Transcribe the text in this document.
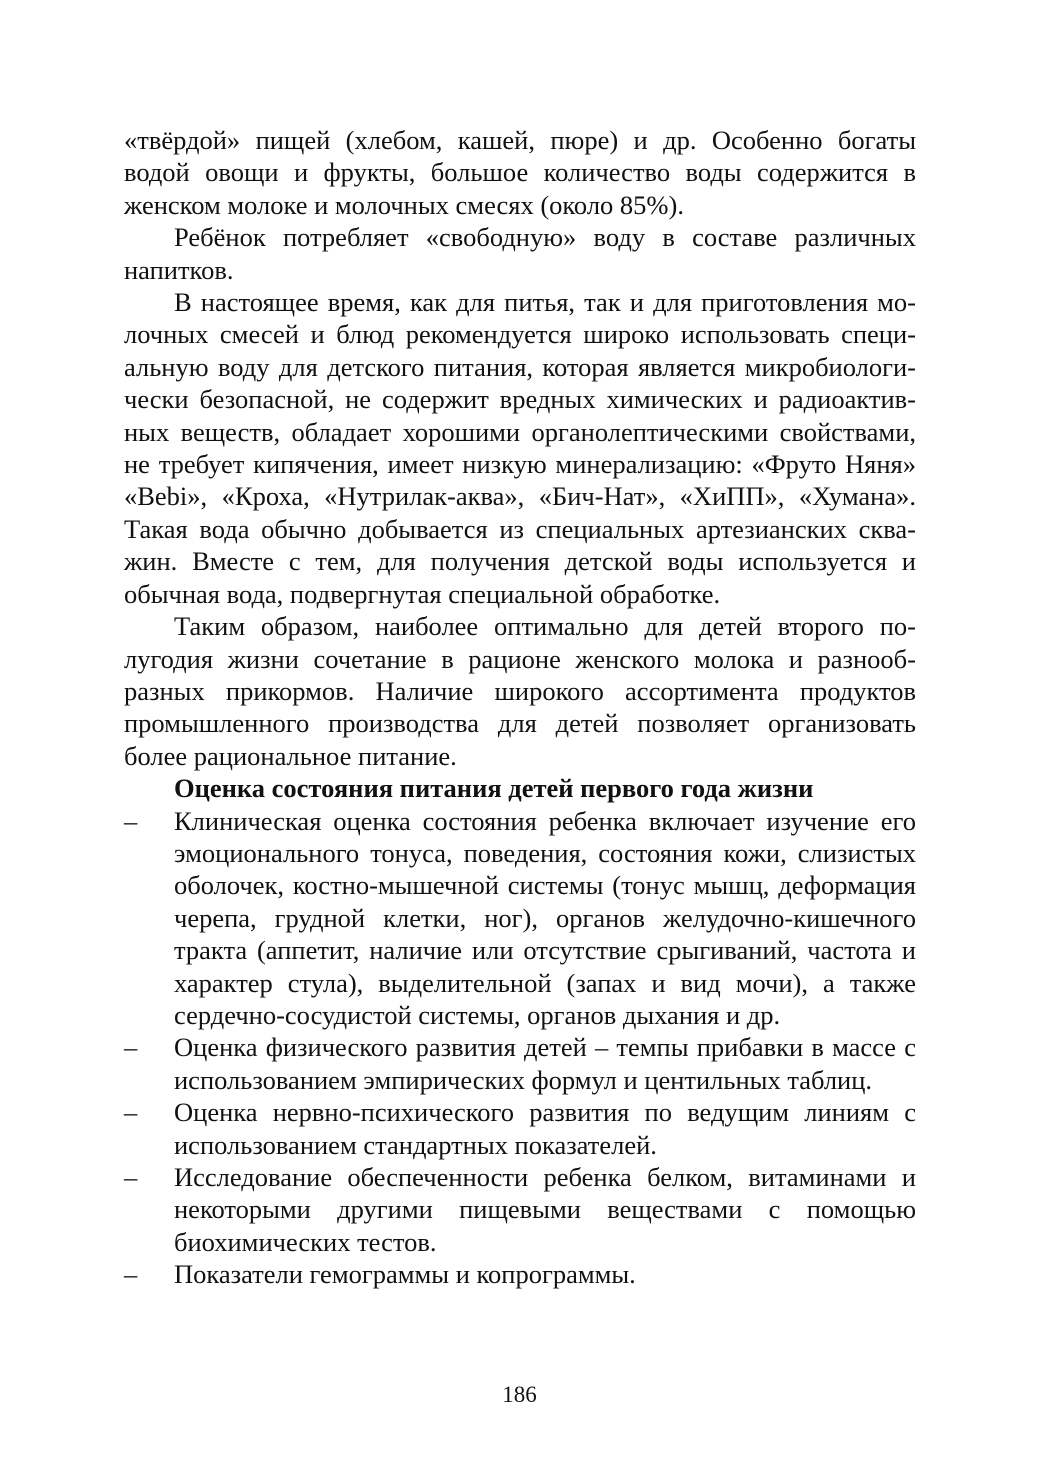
«твёрдой» пищей (хлебом, кашей, пюре) и др. Особенно богаты водой овощи и фрукты, большое количество воды содержится в женском молоке и молочных смесях (около 85%).

Ребёнок потребляет «свободную» воду в составе различных напитков.

В настоящее время, как для питья, так и для приготовления молочных смесей и блюд рекомендуется широко использовать специальную воду для детского питания, которая является микробиологически безопасной, не содержит вредных химических и радиоактивных веществ, обладает хорошими органолептическими свойствами, не требует кипячения, имеет низкую минерализацию: «Фруто Няня» «Bebi», «Кроха, «Нутрилак-аква», «Бич-Нат», «ХиПП», «Хумана». Такая вода обычно добывается из специальных артезианских скважин. Вместе с тем, для получения детской воды используется и обычная вода, подвергнутая специальной обработке.

Таким образом, наиболее оптимально для детей второго полугодия жизни сочетание в рационе женского молока и разнообразных прикормов. Наличие широкого ассортимента продуктов промышленного производства для детей позволяет организовать более рациональное питание.

Оценка состояния питания детей первого года жизни

– Клиническая оценка состояния ребенка включает изучение его эмоционального тонуса, поведения, состояния кожи, слизистых оболочек, костно-мышечной системы (тонус мышц, деформация черепа, грудной клетки, ног), органов желудочно-кишечного тракта (аппетит, наличие или отсутствие срыгиваний, частота и характер стула), выделительной (запах и вид мочи), а также сердечно-сосудистой системы, органов дыхания и др.
– Оценка физического развития детей – темпы прибавки в массе с использованием эмпирических формул и центильных таблиц.
– Оценка нервно-психического развития по ведущим линиям с использованием стандартных показателей.
– Исследование обеспеченности ребенка белком, витаминами и некоторыми другими пищевыми веществами с помощью биохимических тестов.
– Показатели гемограммы и копрограммы.
186
